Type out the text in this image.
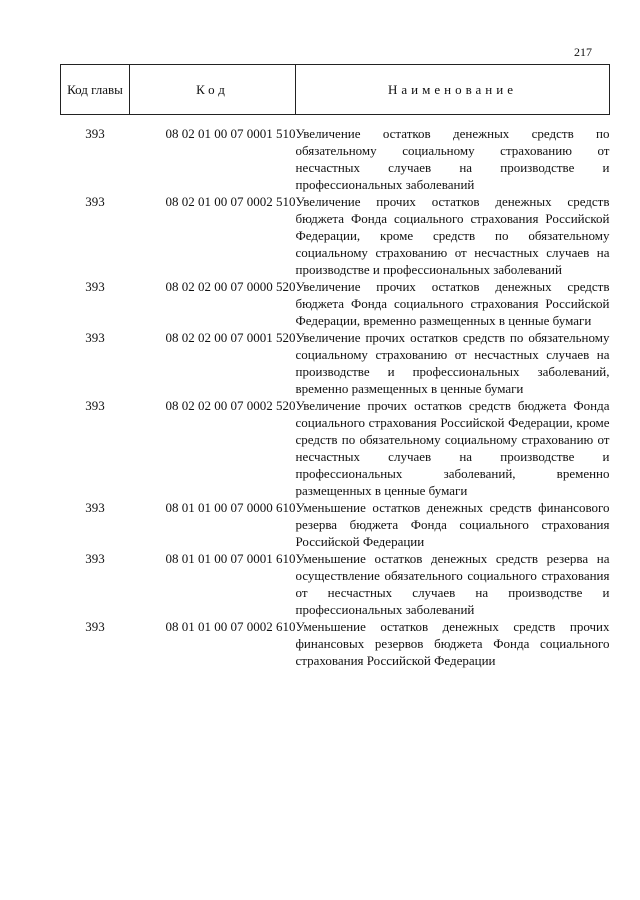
217
Код главы	Код	Наименование

393	08 02 01 00 07 0001 510	Увеличение остатков денежных средств по обязательному социальному страхованию от несчастных случаев на производстве и профессиональных заболеваний
393	08 02 01 00 07 0002 510	Увеличение прочих остатков денежных средств бюджета Фонда социального страхования Российской Федерации, кроме средств по обязательному социальному страхованию от несчастных случаев на производстве и профессиональных заболеваний
393	08 02 02 00 07 0000 520	Увеличение прочих остатков денежных средств бюджета Фонда социального страхования Российской Федерации, временно размещенных в ценные бумаги
393	08 02 02 00 07 0001 520	Увеличение прочих остатков средств по обязательному социальному страхованию от несчастных случаев на производстве и профессиональных заболеваний, временно размещенных в ценные бумаги
393	08 02 02 00 07 0002 520	Увеличение прочих остатков средств бюджета Фонда социального страхования Российской Федерации, кроме средств по обязательному социальному страхованию от несчастных случаев на производстве и профессиональных заболеваний, временно размещенных в ценные бумаги
393	08 01 01 00 07 0000 610	Уменьшение остатков денежных средств финансового резерва бюджета Фонда социального страхования Российской Федерации
393	08 01 01 00 07 0001 610	Уменьшение остатков денежных средств резерва на осуществление обязательного социального страхования от несчастных случаев на производстве и профессиональных заболеваний
393	08 01 01 00 07 0002 610	Уменьшение остатков денежных средств прочих финансовых резервов бюджета Фонда социального страхования Российской Федерации
